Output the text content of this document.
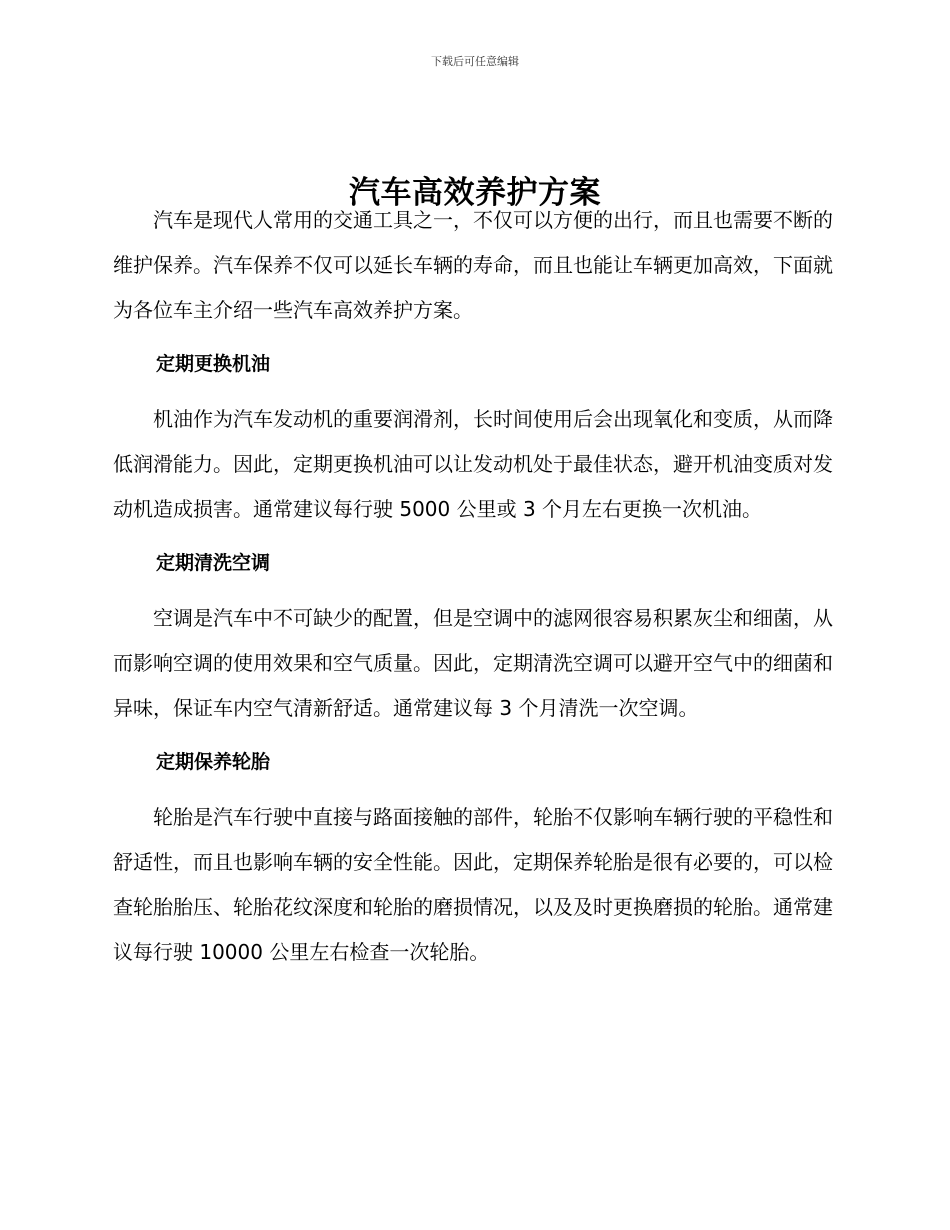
下载后可任意编辑
汽车高效养护方案

汽车是现代人常用的交通工具之一，不仅可以方便的出行，而且也需要不断的维护保养。汽车保养不仅可以延长车辆的寿命，而且也能让车辆更加高效，下面就为各位车主介绍一些汽车高效养护方案。

定期更换机油

机油作为汽车发动机的重要润滑剂，长时间使用后会出现氧化和变质，从而降低润滑能力。因此，定期更换机油可以让发动机处于最佳状态，避开机油变质对发动机造成损害。通常建议每行驶 5000 公里或 3 个月左右更换一次机油。

定期清洗空调

空调是汽车中不可缺少的配置，但是空调中的滤网很容易积累灰尘和细菌，从而影响空调的使用效果和空气质量。因此，定期清洗空调可以避开空气中的细菌和异味，保证车内空气清新舒适。通常建议每 3 个月清洗一次空调。

定期保养轮胎

轮胎是汽车行驶中直接与路面接触的部件，轮胎不仅影响车辆行驶的平稳性和舒适性，而且也影响车辆的安全性能。因此，定期保养轮胎是很有必要的，可以检查轮胎胎压、轮胎花纹深度和轮胎的磨损情况，以及及时更换磨损的轮胎。通常建议每行驶 10000 公里左右检查一次轮胎。
